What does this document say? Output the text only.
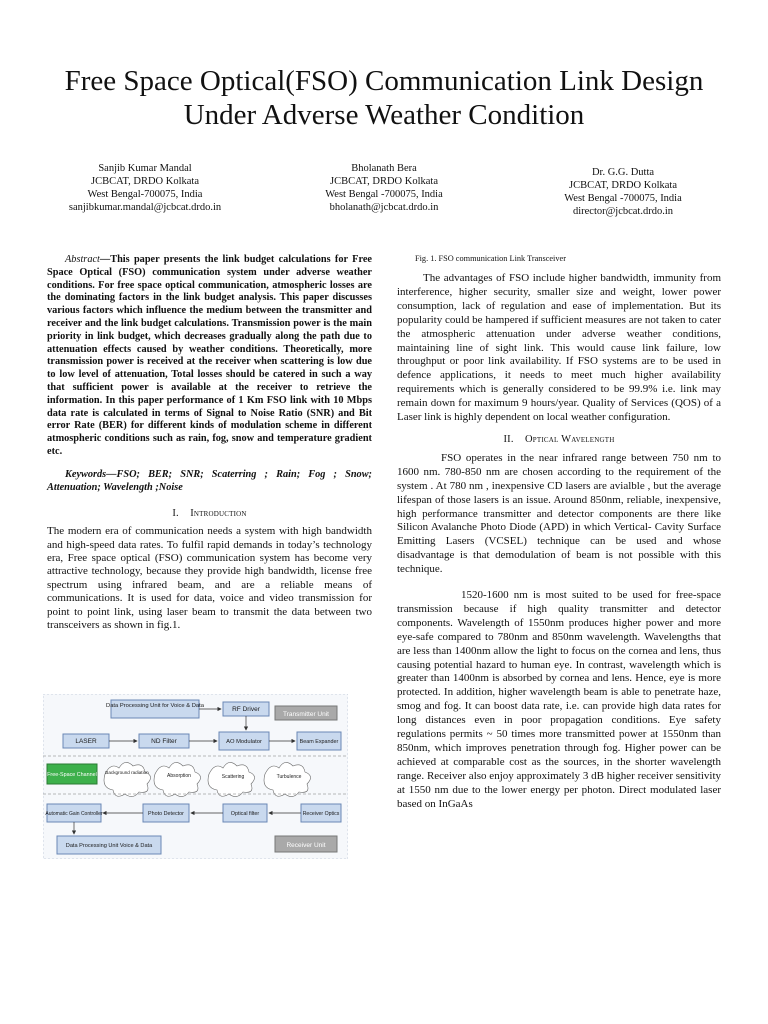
Free Space Optical(FSO) Communication Link Design Under Adverse Weather Condition
Sanjib Kumar Mandal
JCBCAT, DRDO Kolkata
West Bengal-700075, India
sanjibkumar.mandal@jcbcat.drdo.in
Bholanath Bera
JCBCAT, DRDO Kolkata
West Bengal -700075, India
bholanath@jcbcat.drdo.in
Dr. G.G. Dutta
JCBCAT, DRDO Kolkata
West Bengal -700075, India
director@jcbcat.drdo.in

Abstract—This paper presents the link budget calculations for Free Space Optical (FSO) communication system under adverse weather conditions. For free space optical communication, atmospheric losses are the dominating factors in the link budget analysis. This paper discusses various factors which influence the medium between the transmitter and receiver and the link budget calculations. Transmission power is the main priority in link budget, which decreases gradually along the path due to attenuation effects caused by weather conditions. Theoretically, more transmission power is received at the receiver when scattering is low due to low level of attenuation, Total losses should be catered in such a way that sufficient power is available at the receiver to retrieve the information. In this paper performance of 1 Km FSO link with 10 Mbps data rate is calculated in terms of Signal to Noise Ratio (SNR) and Bit error Rate (BER) for different kinds of modulation scheme in different atmospheric conditions such as rain, fog, snow and temperature gradient etc.

Keywords—FSO; BER; SNR; Scaterring ; Rain; Fog ; Snow; Attenuation; Wavelength ;Noise

I. Introduction

The modern era of communication needs a system with high bandwidth and high-speed data rates. To fulfil rapid demands in today’s technology era, Free space optical (FSO) communication system has become very attractive technology, because they provide high bandwidth, license free spectrum using infrared beam, and are a reliable means of communications. It is used for data, voice and video transmission for point to point link, using laser beam to transmit the data between two transceivers as shown in fig.1.

Data Processing Unit for Voice & Data	RF Driver
Transmitter Unit
LASER	ND Filter	AO Modulator	Beam Expander
Free-Space Channel Background radiation
Absorption	Scattering	Turbulence
Automatic Gain Controller	Photo Detector	Optical filter	Receiver Optics
Data Processing Unit Voice & Data	Receiver Unit
Fig. 1. FSO communication Link Transceiver

The advantages of FSO include higher bandwidth, immunity from interference, higher security, smaller size and weight, lower power consumption, lack of regulation and ease of implementation. But its popularity could be hampered if sufficient measures are not taken to cater the atmospheric attenuation under adverse weather conditions, maintaining line of sight link. This would cause link failure, low throughput or poor link availability. If FSO systems are to be used in defence applications, it needs to meet much higher availability requirements which is generally considered to be 99.9% i.e. link may remain down for maximum 9 hours/year. Quality of Services (QOS) of a Laser link is highly dependent on local weather configuration.

II. Optical Wavelength

FSO operates in the near infrared range between 750 nm to 1600 nm. 780-850 nm are chosen according to the requirement of the system . At 780 nm , inexpensive CD lasers are avialble , but the average lifespan of those lasers is an issue. Around 850nm, reliable, inexpensive, high performance transmitter and detector components are there like Silicon Avalanche Photo Diode (APD) in which Vertical- Cavity Surface Emitting Lasers (VCSEL) technique can be used and whose disadvantage is that demodulation of beam is not possible with this technique.

1520-1600 nm is most suited to be used for free-space transmission because if high quality transmitter and detector components. Wavelength of 1550nm produces higher power and more eye-safe compared to 780nm and 850nm wavelength. Wavelengths that are less than 1400nm allow the light to focus on the cornea and lens, thus causing potential hazard to human eye. In contrast, wavelength which is greater than 1400nm is absorbed by cornea and lens. Hence, eye is more protected. In addition, higher wavelength beam is able to penetrate haze, smog and fog. It can boost data rate, i.e. can provide high data rates for long distances even in poor propagation conditions. Eye safety regulations permits ~ 50 times more transmitted power at 1550nm than 850nm, which improves penetration through fog. Higher power can be achieved at comparable cost as the sources, in the shorter wavelength range. Receiver also enjoy approximately 3 dB higher receiver sensitivity at 1550 nm due to the lower energy per photon. Direct modulated laser based on InGaAs
